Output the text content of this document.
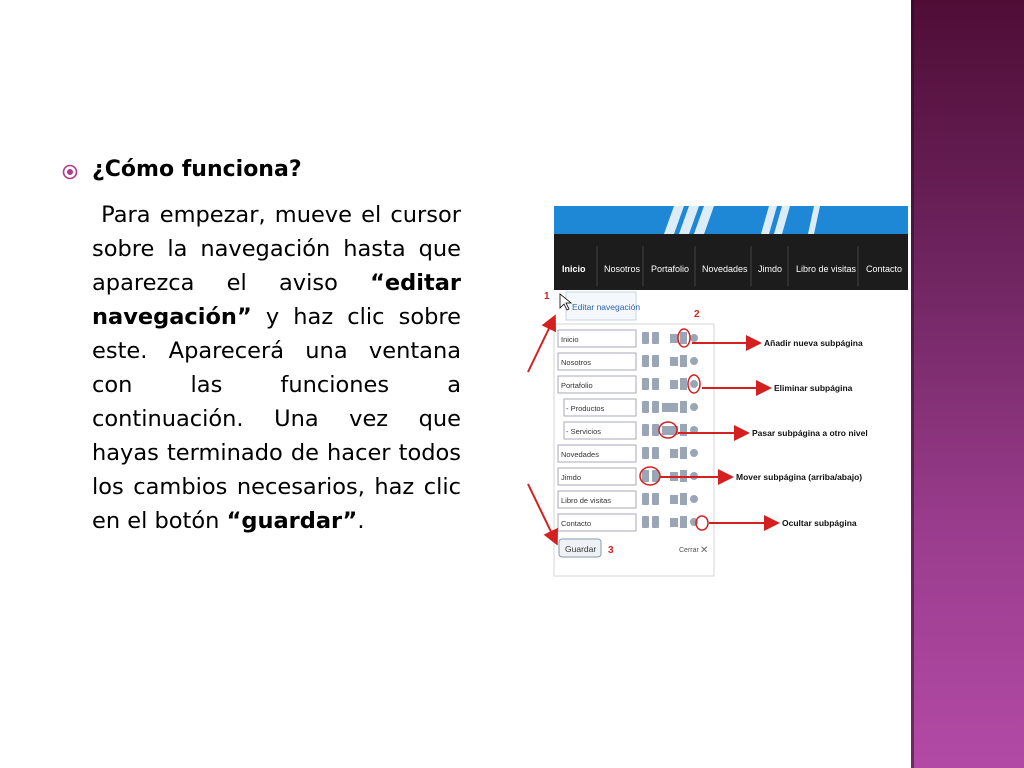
¿Cómo funciona?
Para empezar, mueve el cursor sobre la navegación hasta que aparezca el aviso “editar navegación” y haz clic sobre este. Aparecerá una ventana con las funciones a continuación. Una vez que hayas terminado de hacer todos los cambios necesarios, haz clic en el botón “guardar”.
Inicio Nosotros Portafolio Novedades Jimdo Libro de visitas Contacto
Editar navegación
1
2
Inicio
Nosotros
Portafolio
- Productos
- Servicios
Novedades
Jimdo
Libro de visitas
Contacto
Guardar 3	Cerrar ✕
Añadir nueva subpágina
Eliminar subpágina
Pasar subpágina a otro nivel
Mover subpágina (arriba/abajo)
Ocultar subpágina
